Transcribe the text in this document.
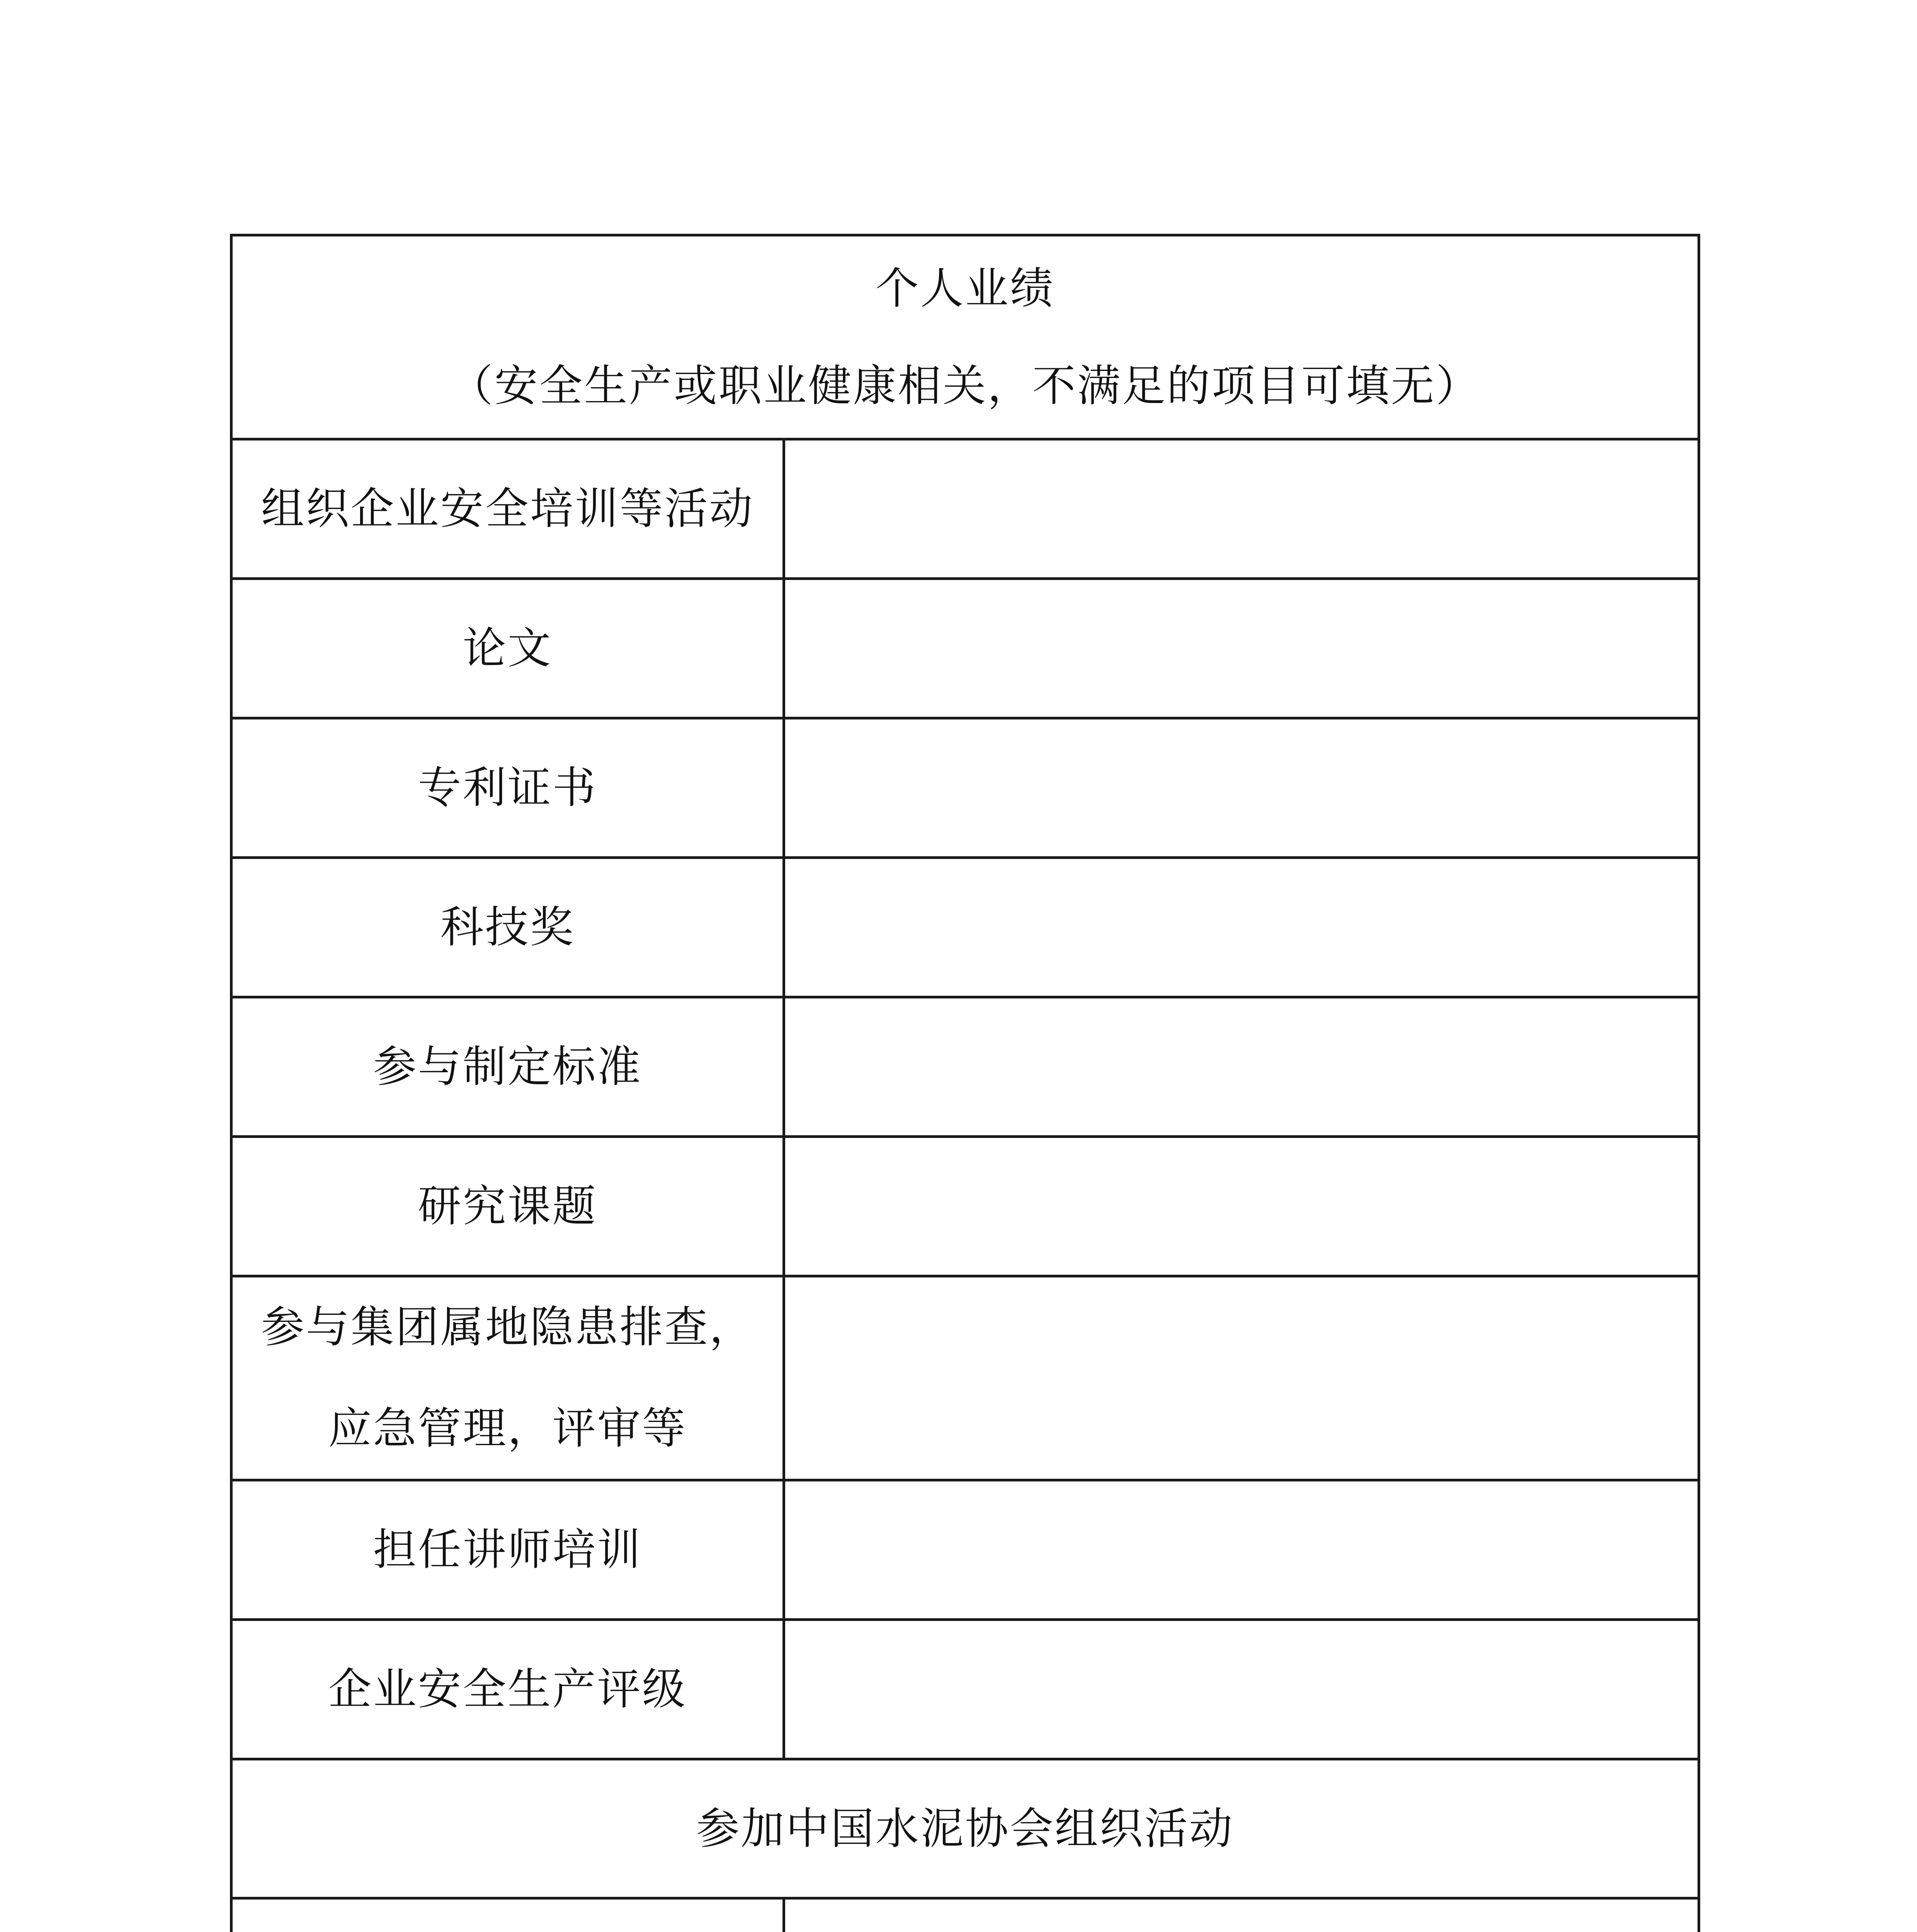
个人业绩
（安全生产或职业健康相关，不满足的项目可填无）	

组织企业安全培训等活动	
论文	
专利证书	
科技奖	
参与制定标准	
研究课题	

参与集团属地隐患排查，
应急管理，评审等	

担任讲师培训	
企业安全生产评级	
参加中国水泥协会组织活动	
